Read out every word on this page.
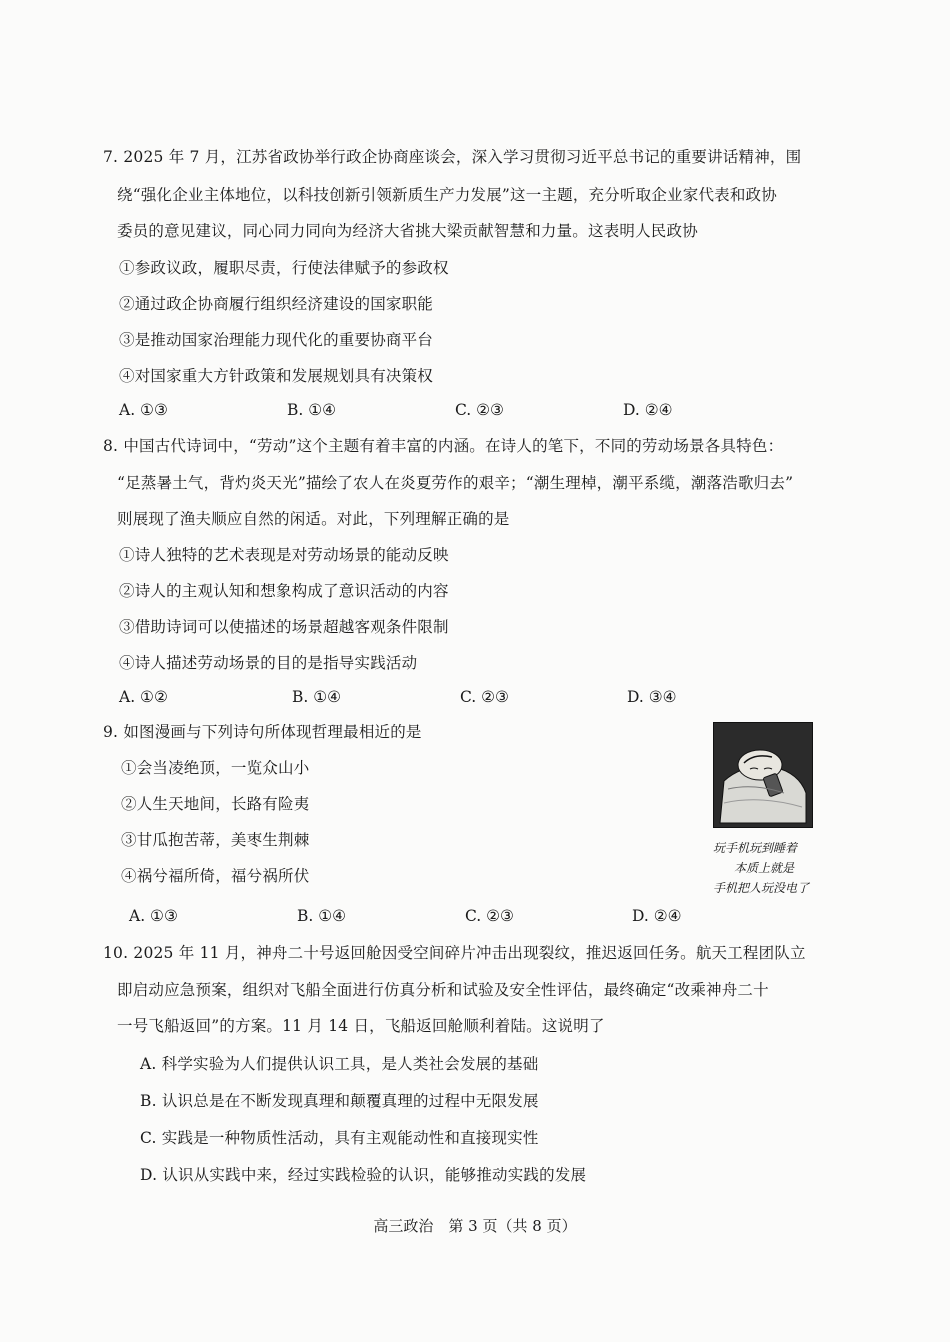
7. 2025 年 7 月，江苏省政协举行政企协商座谈会，深入学习贯彻习近平总书记的重要讲话精神，围
绕“强化企业主体地位，以科技创新引领新质生产力发展”这一主题，充分听取企业家代表和政协
委员的意见建议，同心同力同向为经济大省挑大梁贡献智慧和力量。这表明人民政协
①参政议政，履职尽责，行使法律赋予的参政权
②通过政企协商履行组织经济建设的国家职能
③是推动国家治理能力现代化的重要协商平台
④对国家重大方针政策和发展规划具有决策权
A. ①③	B. ①④	C. ②③	D. ②④
8. 中国古代诗词中，“劳动”这个主题有着丰富的内涵。在诗人的笔下，不同的劳动场景各具特色：
“足蒸暑土气，背灼炎天光”描绘了农人在炎夏劳作的艰辛；“潮生理棹，潮平系缆，潮落浩歌归去”
则展现了渔夫顺应自然的闲适。对此，下列理解正确的是
①诗人独特的艺术表现是对劳动场景的能动反映
②诗人的主观认知和想象构成了意识活动的内容
③借助诗词可以使描述的场景超越客观条件限制
④诗人描述劳动场景的目的是指导实践活动
A. ①②	B. ①④	C. ②③	D. ③④
9. 如图漫画与下列诗句所体现哲理最相近的是
①会当凌绝顶，一览众山小
②人生天地间，长路有险夷
③甘瓜抱苦蒂，美枣生荆棘
④祸兮福所倚，福兮祸所伏
A. ①③	B. ①④	C. ②③	D. ②④
玩手机玩到睡着
本质上就是
手机把人玩没电了
10. 2025 年 11 月，神舟二十号返回舱因受空间碎片冲击出现裂纹，推迟返回任务。航天工程团队立
即启动应急预案，组织对飞船全面进行仿真分析和试验及安全性评估，最终确定“改乘神舟二十
一号飞船返回”的方案。11 月 14 日，飞船返回舱顺利着陆。这说明了
A. 科学实验为人们提供认识工具，是人类社会发展的基础
B. 认识总是在不断发现真理和颠覆真理的过程中无限发展
C. 实践是一种物质性活动，具有主观能动性和直接现实性
D. 认识从实践中来，经过实践检验的认识，能够推动实践的发展
高三政治　第 3 页（共 8 页）
